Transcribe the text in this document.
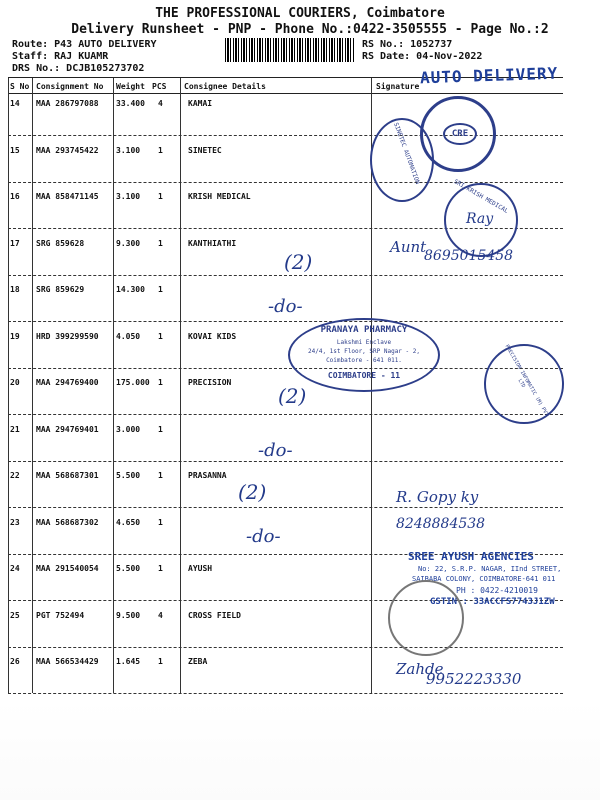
THE PROFESSIONAL COURIERS, Coimbatore
Delivery Runsheet - PNP - Phone No.:0422-3505555 - Page No.:2
Route: P43 AUTO DELIVERY
Staff: RAJ KUAMR
DRS No.: DCJB105273702
RS No.: 1052737
RS Date: 04-Nov-2022
S No Consignment No Weight PCS Consignee Details	Signature
14 MAA 286797088 33.400 4	KAMAI
15 MAA 293745422 3.100 1	SINETEC
16 MAA 858471145 3.100 1	KRISH MEDICAL
17 SRG 859628	9.300 1	KANTHIATHI
18 SRG 859629	14.300 1
19 HRD 399299590 4.050 1	KOVAI KIDS
20 MAA 294769400 175.000 1	PRECISION
21 MAA 294769401 3.000 1
22 MAA 568687301 5.500 1	PRASANNA
23 MAA 568687302 4.650 1
24 MAA 291540054 5.500 1	AYUSH
25 PGT 752494	9.500 4	CROSS FIELD
26 MAA 566534429 1.645 1	ZEBA
AUTO DELIVERY
CRE
SINETEC AUTOMATION
SRI KRISH MEDICAL
Ray
PRANAYA PHARMACY
Lakshmi Enclave
24/4, 1st Floor, SRP Nagar - 2,
Coimbatore - 641 011.
COIMBATORE - 11	PRECISION INFOMATIC (M) PVT LTD
SREE AYUSH AGENCIES
No: 22, S.R.P. NAGAR, IInd STREET,
SAIBABA COLONY, COIMBATORE-641 011
PH : 0422-4210019
GSTIN : 33ACCFS7743J1ZW
Aunt
8695015458
(2)
-do-
(2)
-do-
(2)
-do-
R. Gopy ky
8248884538
Zahde
9952223330
